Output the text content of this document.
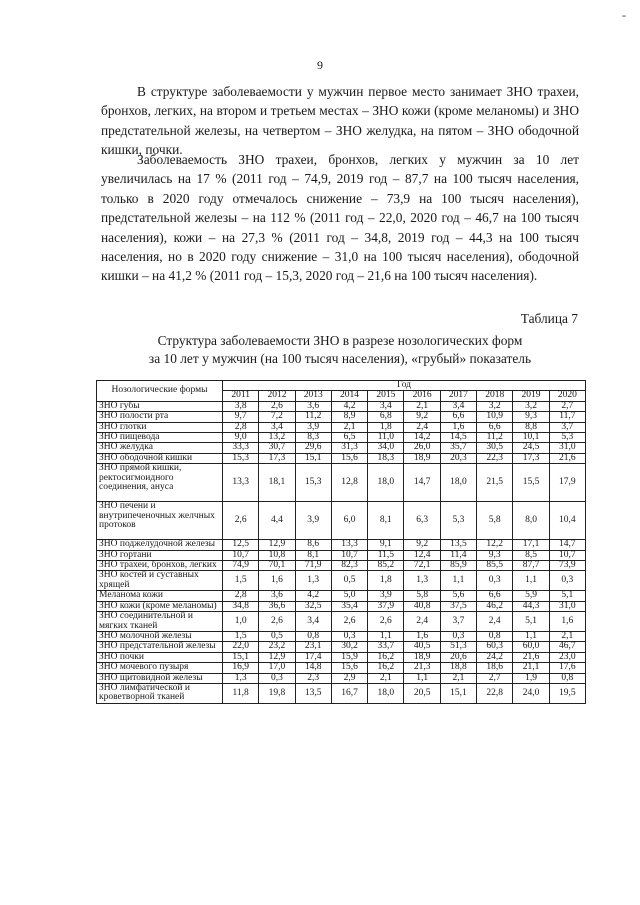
-
9

В структуре заболеваемости у мужчин первое место занимает ЗНО трахеи, бронхов, легких, на втором и третьем местах – ЗНО кожи (кроме меланомы) и ЗНО предстательной железы, на четвертом – ЗНО желудка, на пятом – ЗНО ободочной кишки, почки.

Заболеваемость ЗНО трахеи, бронхов, легких у мужчин за 10 лет увеличилась на 17 % (2011 год – 74,9, 2019 год – 87,7 на 100 тысяч населения, только в 2020 году отмечалось снижение – 73,9 на 100 тысяч населения), предстательной железы – на 112 % (2011 год – 22,0, 2020 год – 46,7 на 100 тысяч населения), кожи – на 27,3 % (2011 год – 34,8, 2019 год – 44,3 на 100 тысяч населения, но в 2020 году снижение – 31,0 на 100 тысяч населения), ободочной кишки – на 41,2 % (2011 год – 15,3, 2020 год – 21,6 на 100 тысяч населения).

Таблица 7
Структура заболеваемости ЗНО в разрезе нозологических форм
за 10 лет у мужчин (на 100 тысяч населения), «грубый» показатель
Нозологические формы	Год									
	2011	2012	2013	2014	2015	2016	2017	2018	2019	2020
ЗНО губы	3,8	2,6	3,6	4,2	3,4	2,1	3,4	3,2	3,2	2,7
ЗНО полости рта	9,7	7,2	11,2	8,9	6,8	9,2	6,6	10,9	9,3	11,7
ЗНО глотки	2,8	3,4	3,9	2,1	1,8	2,4	1,6	6,6	8,8	3,7
ЗНО пищевода	9,0	13,2	8,3	6,5	11,0	14,2	14,5	11,2	10,1	5,3
ЗНО желудка	33,3	30,7	29,6	31,3	34,0	26,0	35,7	30,5	24,5	31,0
ЗНО ободочной кишки	15,3	17,3	15,1	15,6	18,3	18,9	20,3	22,3	17,3	21,6
ЗНО прямой кишки, ректосигмоидного соединения, ануса	13,3	18,1	15,3	12,8	18,0	14,7	18,0	21,5	15,5	17,9
ЗНО печени и внутрипеченочных желчных протоков	2,6	4,4	3,9	6,0	8,1	6,3	5,3	5,8	8,0	10,4
ЗНО поджелудочной железы	12,5	12,9	8,6	13,3	9,1	9,2	13,5	12,2	17,1	14,7
ЗНО гортани	10,7	10,8	8,1	10,7	11,5	12,4	11,4	9,3	8,5	10,7
ЗНО трахеи, бронхов, легких	74,9	70,1	71,9	82,3	85,2	72,1	85,9	85,5	87,7	73,9
ЗНО костей и суставных хрящей	1,5	1,6	1,3	0,5	1,8	1,3	1,1	0,3	1,1	0,3
Меланома кожи	2,8	3,6	4,2	5,0	3,9	5,8	5,6	6,6	5,9	5,1
ЗНО кожи (кроме меланомы)	34,8	36,6	32,5	35,4	37,9	40,8	37,5	46,2	44,3	31,0
ЗНО соединительной и мягких тканей	1,0	2,6	3,4	2,6	2,6	2,4	3,7	2,4	5,1	1,6
ЗНО молочной железы	1,5	0,5	0,8	0,3	1,1	1,6	0,3	0,8	1,1	2,1
ЗНО предстательной железы	22,0	23,2	23,1	30,2	33,7	40,5	51,3	60,3	60,0	46,7
ЗНО почки	15,1	12,9	17,4	15,9	16,2	18,9	20,6	24,2	21,6	23,0
ЗНО мочевого пузыря	16,9	17,0	14,8	15,6	16,2	21,3	18,8	18,6	21,1	17,6
ЗНО щитовидной железы	1,3	0,3	2,3	2,9	2,1	1,1	2,1	2,7	1,9	0,8
ЗНО лимфатической и кроветворной тканей	11,8	19,8	13,5	16,7	18,0	20,5	15,1	22,8	24,0	19,5
